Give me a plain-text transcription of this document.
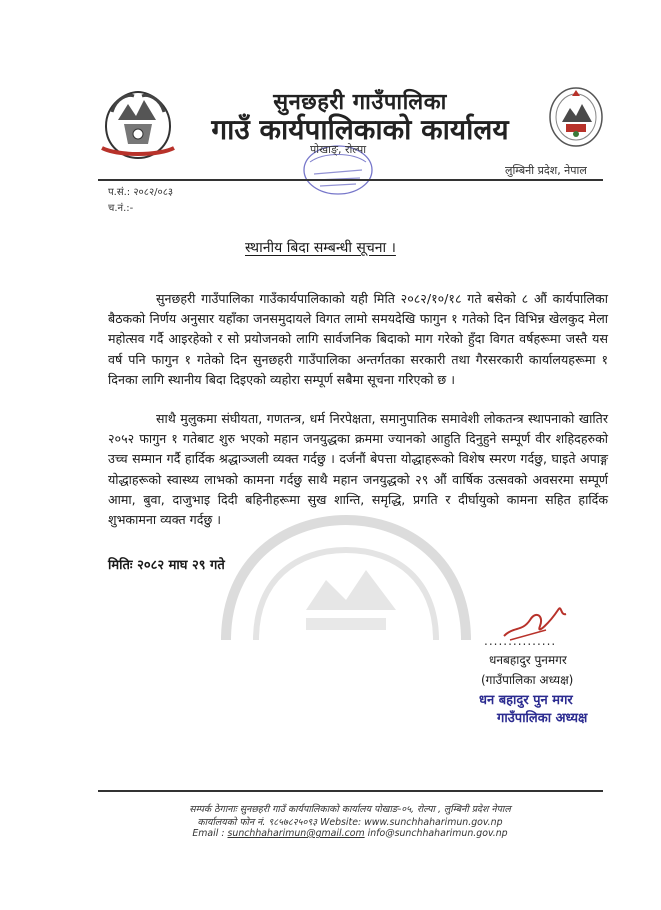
सुनछहरी गाउँपालिका
गाउँ कार्यपालिकाको कार्यालय
पोखाङ्, रोल्पा
लुम्बिनी प्रदेश, नेपाल
प.सं.: २०८२/०८३
च.नं.:-
स्थानीय बिदा सम्बन्धी सूचना ।

सुनछहरी गाउँपालिका गाउँकार्यपालिकाको यही मिति २०८२/१०/१८ गते बसेको ८ औं कार्यपालिका बैठकको निर्णय अनुसार यहाँका जनसमुदायले विगत लामो समयदेखि फागुन १ गतेको दिन विभिन्न खेलकुद मेला महोत्सव गर्दै आइरहेको र सो प्रयोजनको लागि सार्वजनिक बिदाको माग गरेको हुँदा विगत वर्षहरूमा जस्तै यस वर्ष पनि फागुन १ गतेको दिन सुनछहरी गाउँपालिका अन्तर्गतका सरकारी तथा गैरसरकारी कार्यालयहरूमा १ दिनका लागि स्थानीय बिदा दिइएको व्यहोरा सम्पूर्ण सबैमा सूचना गरिएको छ ।

साथै मुलुकमा संघीयता, गणतन्त्र, धर्म निरपेक्षता, समानुपातिक समावेशी लोकतन्त्र स्थापनाको खातिर २०५२ फागुन १ गतेबाट शुरु भएको महान जनयुद्धका क्रममा ज्यानको आहुति दिनुहुने सम्पूर्ण वीर शहिदहरुको उच्च सम्मान गर्दै हार्दिक श्रद्धाञ्जली व्यक्त गर्दछु । दर्जनौं बेपत्ता योद्धाहरूको विशेष स्मरण गर्दछु, घाइते अपाङ्ग योद्धाहरूको स्वास्थ्य लाभको कामना गर्दछु साथै महान जनयुद्धको २९ औं वार्षिक उत्सवको अवसरमा सम्पूर्ण आमा, बुवा, दाजुभाइ दिदी बहिनीहरूमा सुख शान्ति, समृद्धि, प्रगति र दीर्घायुको कामना सहित हार्दिक शुभकामना व्यक्त गर्दछु ।

मितिः २०८२ माघ २९ गते
...............
धनबहादुर पुनमगर
(गाउँपालिका अध्यक्ष)
धन बहादुर पुन मगर
गाउँपालिका अध्यक्ष
सम्पर्क ठेगानाः सुनछहरी गाउँ कार्यपालिकाको कार्यालय पोखाङ-०५, रोल्पा , लुम्बिनी प्रदेश नेपाल
कार्यालयको फोन नं. ९८५७८२५०९३ Website: www.sunchhaharimun.gov.np
Email : sunchhaharimun@gmail.com info@sunchhaharimun.gov.np
